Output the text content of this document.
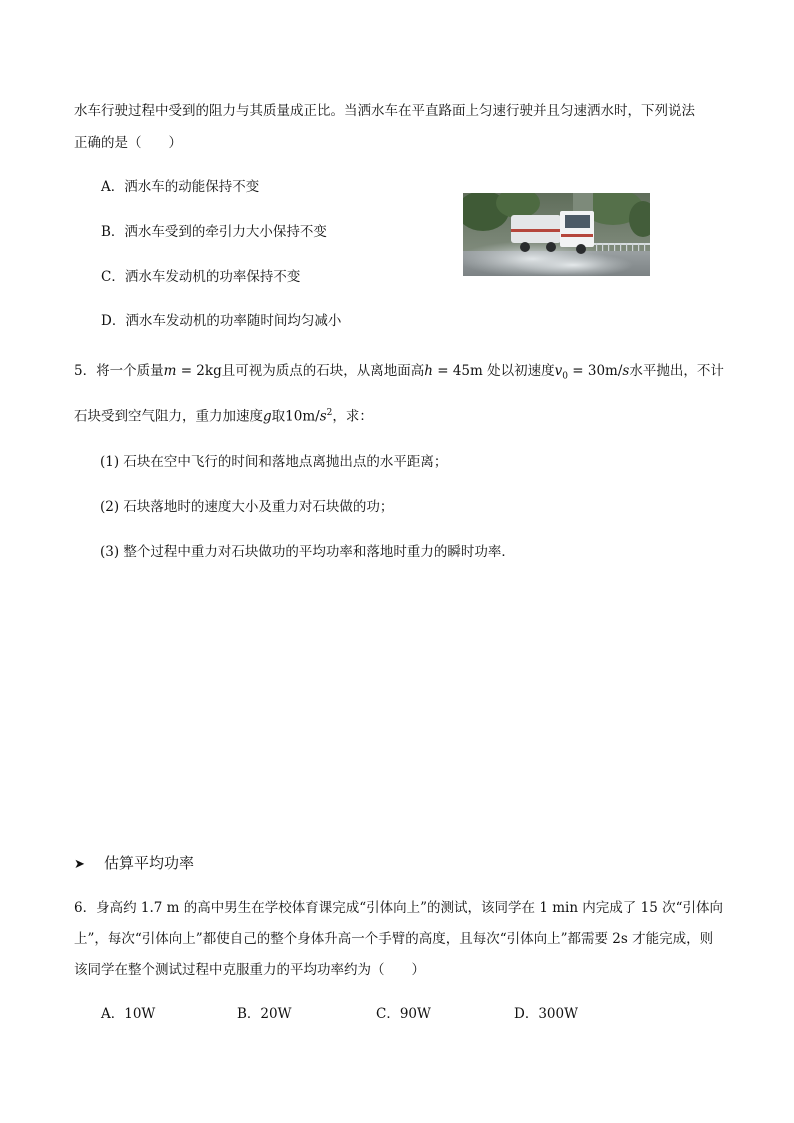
水车行驶过程中受到的阻力与其质量成正比。当洒水车在平直路面上匀速行驶并且匀速洒水时，下列说法
正确的是（　　）
A．洒水车的动能保持不变
B．洒水车受到的牵引力大小保持不变
C．洒水车发动机的功率保持不变
D．洒水车发动机的功率随时间均匀减小
5．将一个质量m = 2kg且可视为质点的石块，从离地面高h = 45m 处以初速度$v_0 = 30m/s$水平抛出，不计
石块受到空气阻力，重力加速度g取$10m/s^2$，求：
(1) 石块在空中飞行的时间和落地点离抛出点的水平距离；
(2) 石块落地时的速度大小及重力对石块做的功；
(3) 整个过程中重力对石块做功的平均功率和落地时重力的瞬时功率．
➤ 估算平均功率
6．身高约 1.7 m 的高中男生在学校体育课完成“引体向上”的测试，该同学在 1 min 内完成了 15 次“引体向
上”，每次“引体向上”都使自己的整个身体升高一个手臂的高度，且每次“引体向上”都需要 2s 才能完成，则
该同学在整个测试过程中克服重力的平均功率约为（　　）
A．10W	B．20W	C．90W	D．300W
